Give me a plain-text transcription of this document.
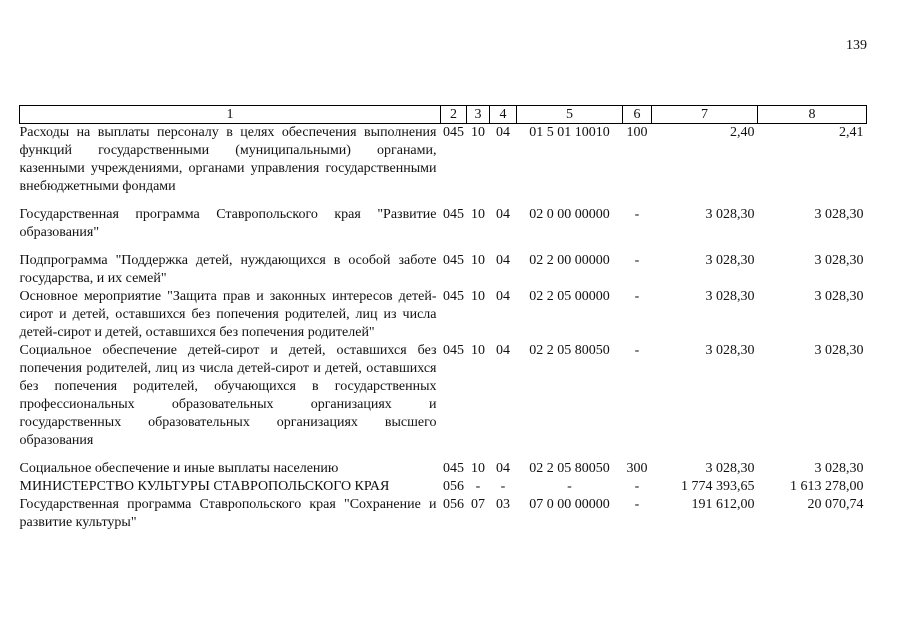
139
1	2	3	4	5	6	7	8
Расходы на выплаты персоналу в целях обеспечения выполнения функций государственными (муниципальными) органами, казенными учреждениями, органами управления государственными внебюджетными фондами	045	10	04	01 5 01 10010	100	2,40	2,41
Государственная программа Ставропольского края "Развитие образования"	045	10	04	02 0 00 00000	-	3 028,30	3 028,30
Подпрограмма "Поддержка детей, нуждающихся в особой заботе государства, и их семей"	045	10	04	02 2 00 00000	-	3 028,30	3 028,30
Основное мероприятие "Защита прав и законных интересов детей-сирот и детей, оставшихся без попечения родителей, лиц из числа детей-сирот и детей, оставшихся без попечения родителей"	045	10	04	02 2 05 00000	-	3 028,30	3 028,30
Социальное обеспечение детей-сирот и детей, оставшихся без попечения родителей, лиц из числа детей-сирот и детей, оставшихся без попечения родителей, обучающихся в государственных профессиональных образовательных организациях и государственных образовательных организациях высшего образования	045	10	04	02 2 05 80050	-	3 028,30	3 028,30
Социальное обеспечение и иные выплаты населению	045	10	04	02 2 05 80050	300	3 028,30	3 028,30
МИНИСТЕРСТВО КУЛЬТУРЫ СТАВРОПОЛЬСКОГО КРАЯ	056	-	-	-	-	1 774 393,65	1 613 278,00
Государственная программа Ставропольского края "Сохранение и развитие культуры"	056	07	03	07 0 00 00000	-	191 612,00	20 070,74
